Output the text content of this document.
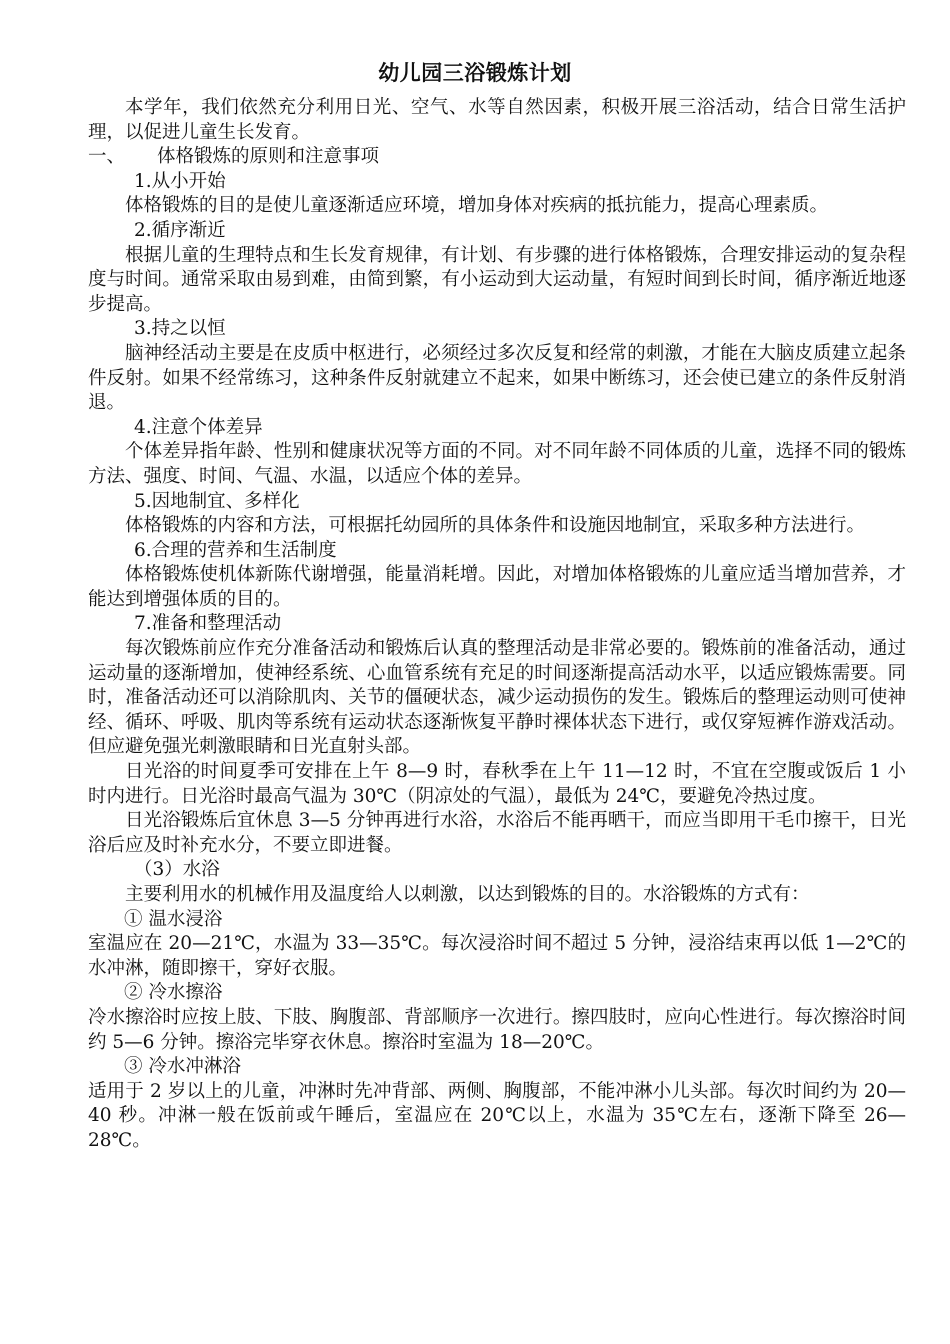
幼儿园三浴锻炼计划

本学年，我们依然充分利用日光、空气、水等自然因素，积极开展三浴活动，结合日常生活护理，以促进儿童生长发育。

一、 体格锻炼的原则和注意事项

1.从小开始

体格锻炼的目的是使儿童逐渐适应环境，增加身体对疾病的抵抗能力，提高心理素质。

2.循序渐近

根据儿童的生理特点和生长发育规律，有计划、有步骤的进行体格锻炼，合理安排运动的复杂程度与时间。通常采取由易到难，由简到繁，有小运动到大运动量，有短时间到长时间，循序渐近地逐步提高。

3.持之以恒

脑神经活动主要是在皮质中枢进行，必须经过多次反复和经常的刺激，才能在大脑皮质建立起条件反射。如果不经常练习，这种条件反射就建立不起来，如果中断练习，还会使已建立的条件反射消退。

4.注意个体差异

个体差异指年龄、性别和健康状况等方面的不同。对不同年龄不同体质的儿童，选择不同的锻炼方法、强度、时间、气温、水温，以适应个体的差异。

5.因地制宜、多样化

体格锻炼的内容和方法，可根据托幼园所的具体条件和设施因地制宜，采取多种方法进行。

6.合理的营养和生活制度

体格锻炼使机体新陈代谢增强，能量消耗增。因此，对增加体格锻炼的儿童应适当增加营养，才能达到增强体质的目的。

7.准备和整理活动

每次锻炼前应作充分准备活动和锻炼后认真的整理活动是非常必要的。锻炼前的准备活动，通过运动量的逐渐增加，使神经系统、心血管系统有充足的时间逐渐提高活动水平，以适应锻炼需要。同时，准备活动还可以消除肌肉、关节的僵硬状态，减少运动损伤的发生。锻炼后的整理运动则可使神经、循环、呼吸、肌肉等系统有运动状态逐渐恢复平静时裸体状态下进行，或仅穿短裤作游戏活动。但应避免强光刺激眼睛和日光直射头部。

日光浴的时间夏季可安排在上午 8—9 时，春秋季在上午 11—12 时，不宜在空腹或饭后 1 小时内进行。日光浴时最高气温为 30℃（阴凉处的气温），最低为 24℃，要避免冷热过度。

日光浴锻炼后宜休息 3—5 分钟再进行水浴，水浴后不能再晒干，而应当即用干毛巾擦干，日光浴后应及时补充水分，不要立即进餐。

（3）水浴

主要利用水的机械作用及温度给人以刺激，以达到锻炼的目的。水浴锻炼的方式有：

① 温水浸浴

室温应在 20—21℃，水温为 33—35℃。每次浸浴时间不超过 5 分钟，浸浴结束再以低 1—2℃的水冲淋，随即擦干，穿好衣服。

② 冷水擦浴

冷水擦浴时应按上肢、下肢、胸腹部、背部顺序一次进行。擦四肢时，应向心性进行。每次擦浴时间约 5—6 分钟。擦浴完毕穿衣休息。擦浴时室温为 18—20℃。

③ 冷水冲淋浴

适用于 2 岁以上的儿童，冲淋时先冲背部、两侧、胸腹部，不能冲淋小儿头部。每次时间约为 20—40 秒。冲淋一般在饭前或午睡后，室温应在 20℃以上，水温为 35℃左右，逐渐下降至 26—28℃。
